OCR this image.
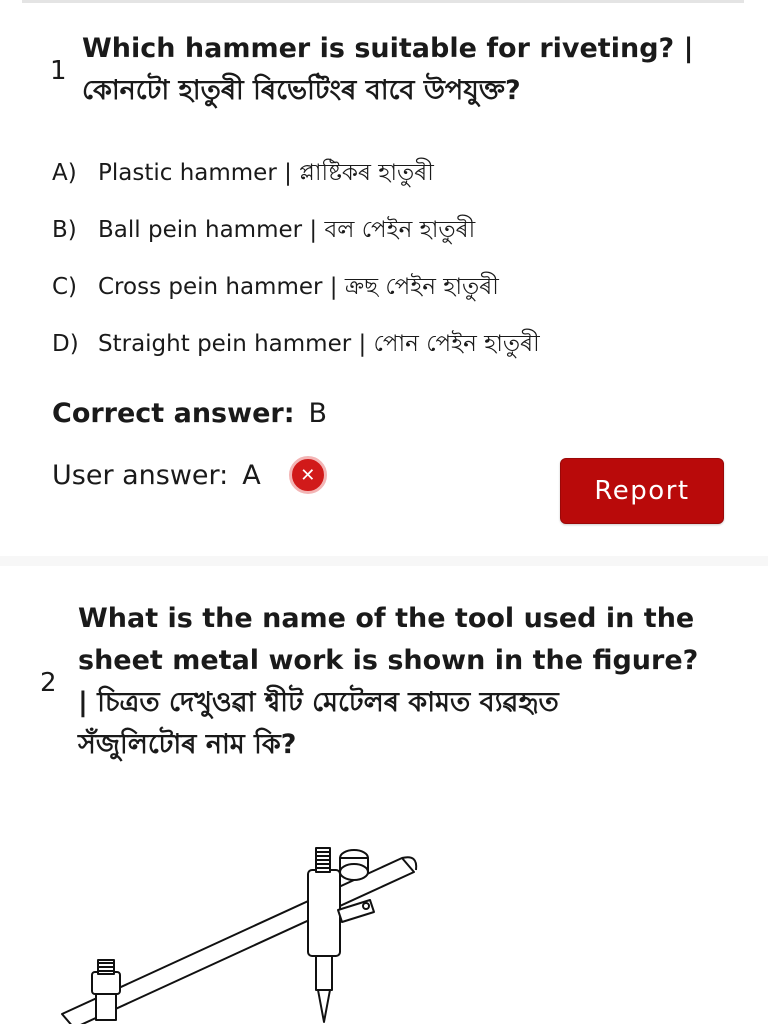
1
Which hammer is suitable for riveting? |
কোনটো হাতুৰী ৰিভেটিংৰ বাবে উপযুক্ত?
A) Plastic hammer | প্লাষ্টিকৰ হাতুৰী
B) Ball pein hammer | বল পেইন হাতুৰী
C) Cross pein hammer | ক্ৰছ পেইন হাতুৰী
D) Straight pein hammer | পোন পেইন হাতুৰী
Correct answer: B
User answer: A	✕
Report
2
What is the name of the tool used in the
sheet metal work is shown in the figure?
| চিত্ৰত দেখুওৱা শ্বীট মেটেলৰ কামত ব্যৱহৃত
সঁজুলিটোৰ নাম কি?
